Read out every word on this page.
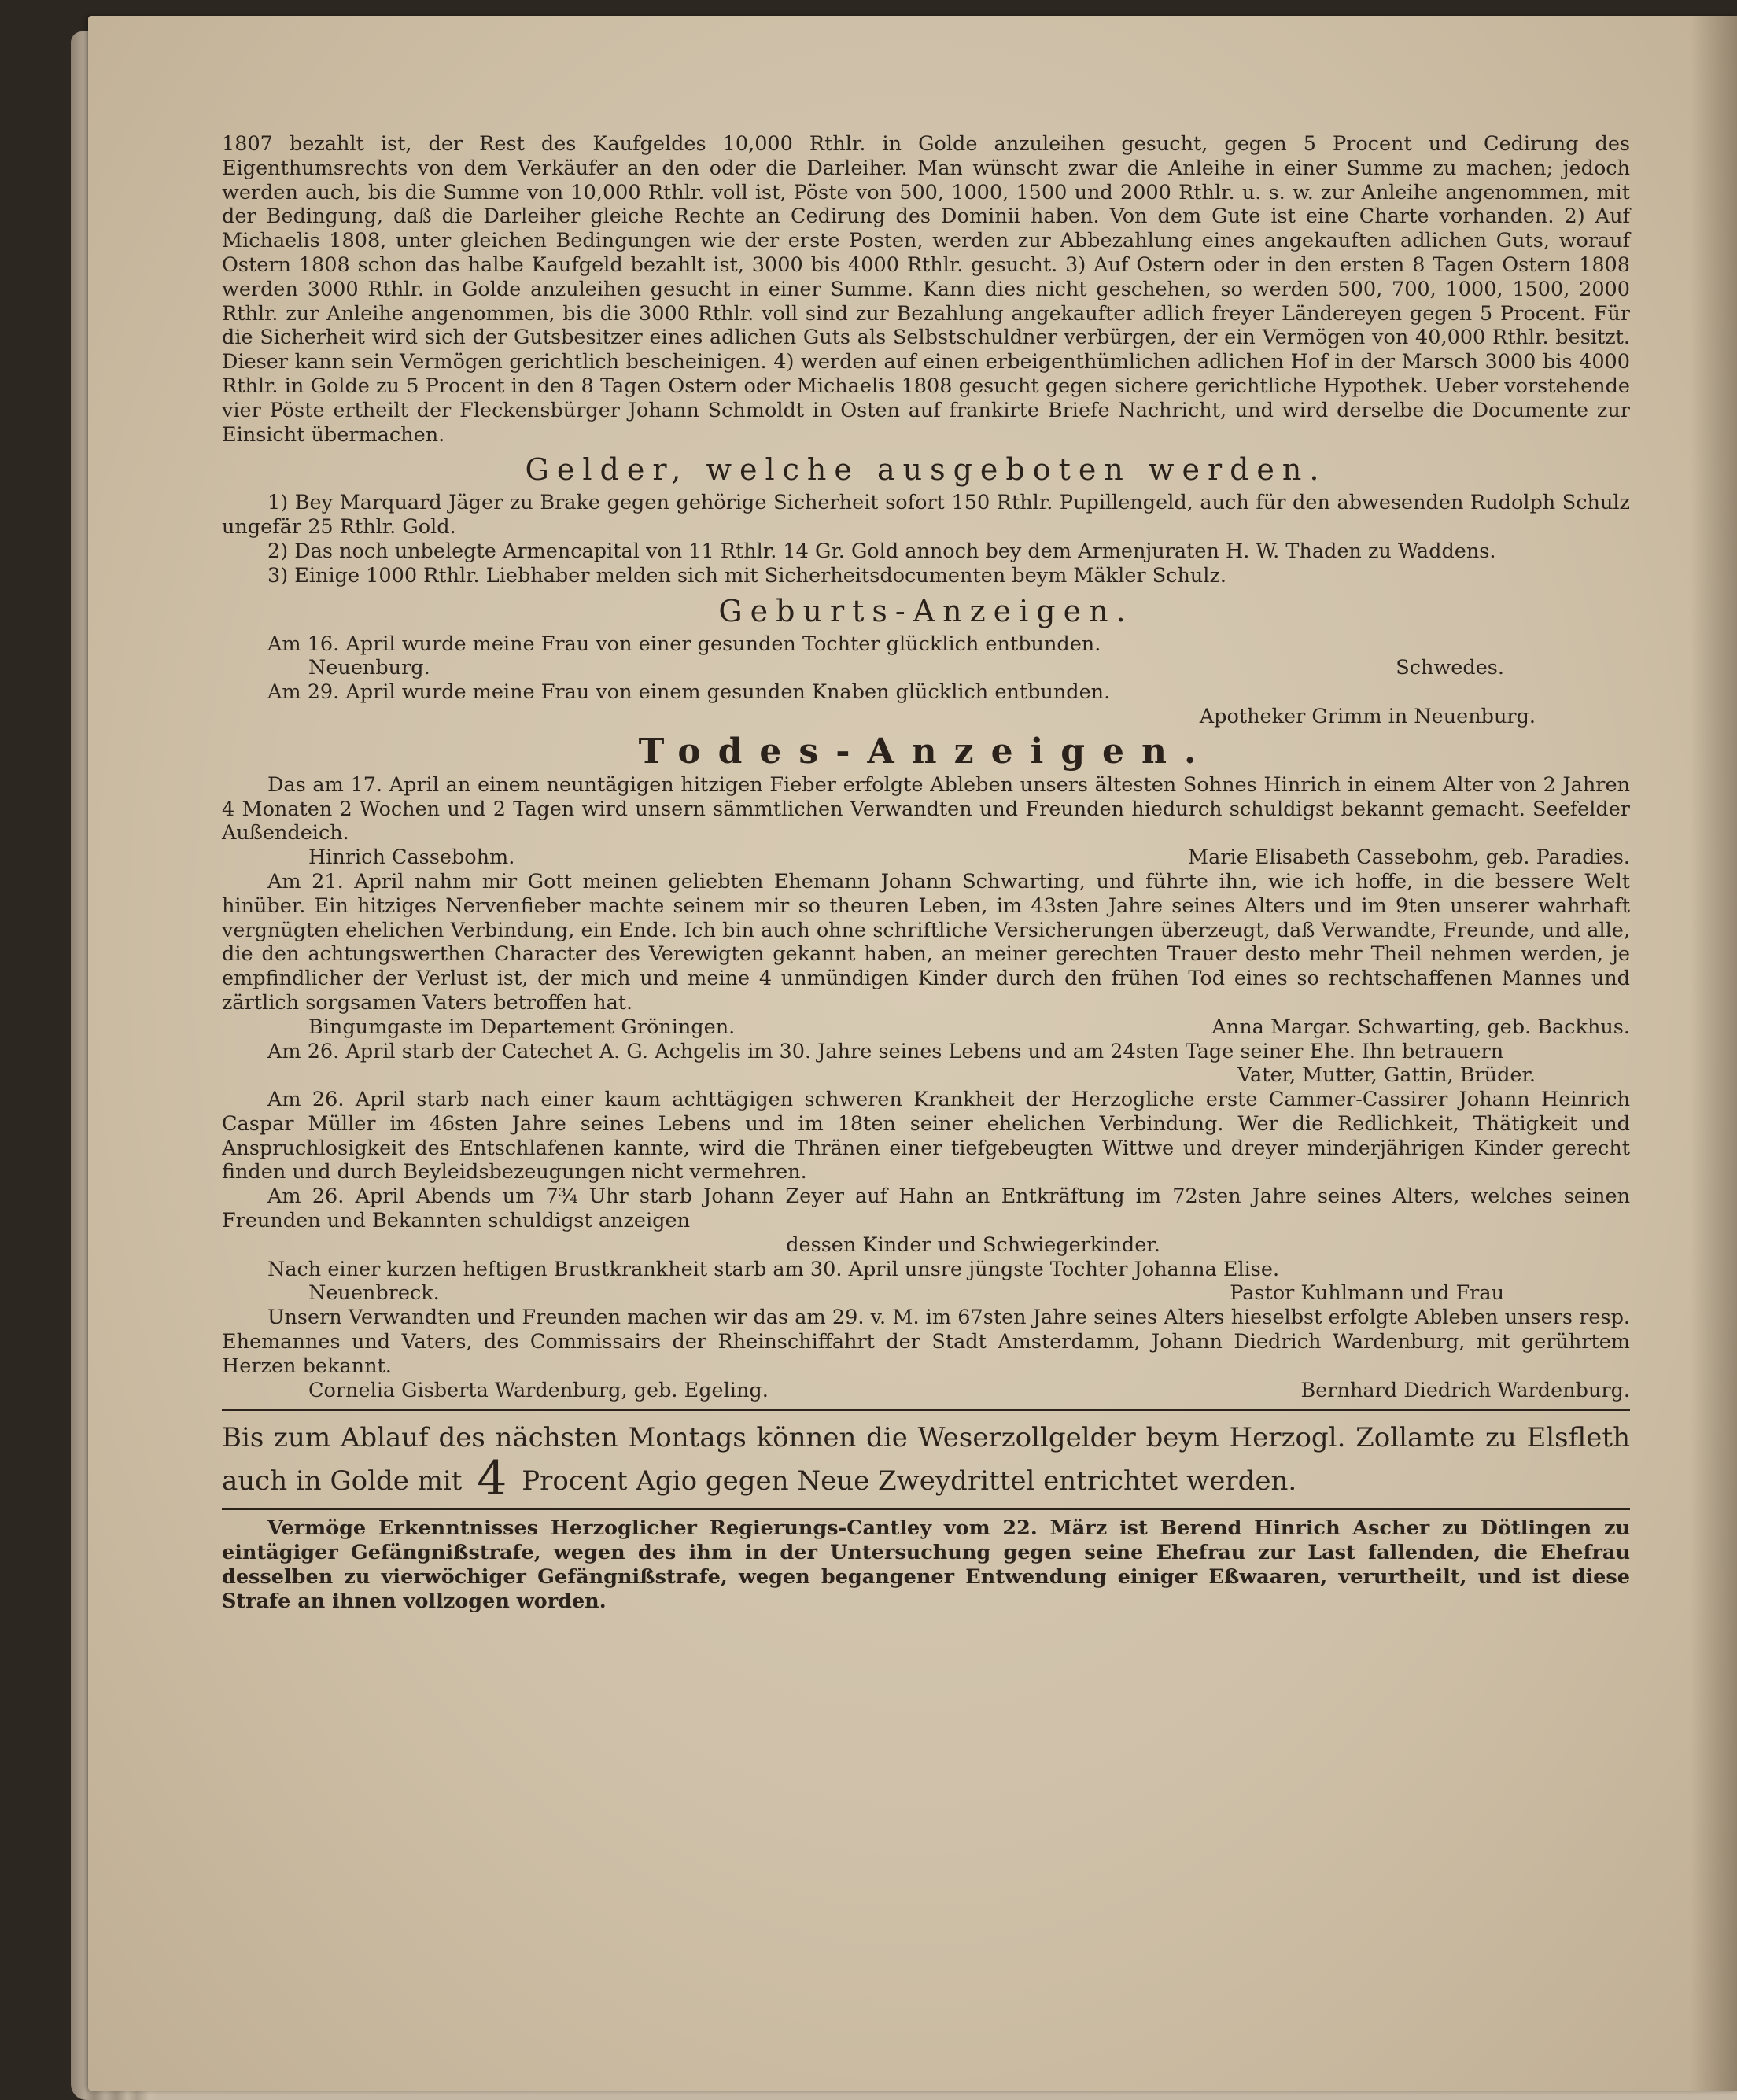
1807 bezahlt ist, der Rest des Kaufgeldes 10,000 Rthlr. in Golde anzuleihen gesucht, gegen 5 Procent und Cedirung des Eigenthumsrechts von dem Verkäufer an den oder die Darleiher. Man wünscht zwar die Anleihe in einer Summe zu machen; jedoch werden auch, bis die Summe von 10,000 Rthlr. voll ist, Pöste von 500, 1000, 1500 und 2000 Rthlr. u. s. w. zur Anleihe angenommen, mit der Bedingung, daß die Darleiher gleiche Rechte an Cedirung des Dominii haben. Von dem Gute ist eine Charte vorhanden. 2) Auf Michaelis 1808, unter gleichen Bedingungen wie der erste Posten, werden zur Abbezahlung eines angekauften adlichen Guts, worauf Ostern 1808 schon das halbe Kaufgeld bezahlt ist, 3000 bis 4000 Rthlr. gesucht. 3) Auf Ostern oder in den ersten 8 Tagen Ostern 1808 werden 3000 Rthlr. in Golde anzuleihen gesucht in einer Summe. Kann dies nicht geschehen, so werden 500, 700, 1000, 1500, 2000 Rthlr. zur Anleihe angenommen, bis die 3000 Rthlr. voll sind zur Bezahlung angekaufter adlich freyer Ländereyen gegen 5 Procent. Für die Sicherheit wird sich der Gutsbesitzer eines adlichen Guts als Selbstschuldner verbürgen, der ein Vermögen von 40,000 Rthlr. besitzt. Dieser kann sein Vermögen gerichtlich bescheinigen. 4) werden auf einen erbeigenthümlichen adlichen Hof in der Marsch 3000 bis 4000 Rthlr. in Golde zu 5 Procent in den 8 Tagen Ostern oder Michaelis 1808 gesucht gegen sichere gerichtliche Hypothek. Ueber vorstehende vier Pöste ertheilt der Fleckensbürger Johann Schmoldt in Osten auf frankirte Briefe Nachricht, und wird derselbe die Documente zur Einsicht übermachen.

Gelder, welche ausgeboten werden.

1) Bey Marquard Jäger zu Brake gegen gehörige Sicherheit sofort 150 Rthlr. Pupillengeld, auch für den abwesenden Rudolph Schulz ungefär 25 Rthlr. Gold.

2) Das noch unbelegte Armencapital von 11 Rthlr. 14 Gr. Gold annoch bey dem Armenjuraten H. W. Thaden zu Waddens.

3) Einige 1000 Rthlr. Liebhaber melden sich mit Sicherheitsdocumenten beym Mäkler Schulz.

Geburts-Anzeigen.

Am 16. April wurde meine Frau von einer gesunden Tochter glücklich entbunden.

Neuenburg.	Schwedes.

Am 29. April wurde meine Frau von einem gesunden Knaben glücklich entbunden.

Apotheker Grimm in Neuenburg.
Todes-Anzeigen.

Das am 17. April an einem neuntägigen hitzigen Fieber erfolgte Ableben unsers ältesten Sohnes Hinrich in einem Alter von 2 Jahren 4 Monaten 2 Wochen und 2 Tagen wird unsern sämmtlichen Verwandten und Freunden hiedurch schuldigst bekannt gemacht. Seefelder Außendeich.

Hinrich Cassebohm.	Marie Elisabeth Cassebohm, geb. Paradies.

Am 21. April nahm mir Gott meinen geliebten Ehemann Johann Schwarting, und führte ihn, wie ich hoffe, in die bessere Welt hinüber. Ein hitziges Nervenfieber machte seinem mir so theuren Leben, im 43sten Jahre seines Alters und im 9ten unserer wahrhaft vergnügten ehelichen Verbindung, ein Ende. Ich bin auch ohne schriftliche Versicherungen überzeugt, daß Verwandte, Freunde, und alle, die den achtungswerthen Character des Verewigten gekannt haben, an meiner gerechten Trauer desto mehr Theil nehmen werden, je empfindlicher der Verlust ist, der mich und meine 4 unmündigen Kinder durch den frühen Tod eines so rechtschaffenen Mannes und zärtlich sorgsamen Vaters betroffen hat.

Bingumgaste im Departement Gröningen.	Anna Margar. Schwarting, geb. Backhus.

Am 26. April starb der Catechet A. G. Achgelis im 30. Jahre seines Lebens und am 24sten Tage seiner Ehe. Ihn betrauern

Vater, Mutter, Gattin, Brüder.

Am 26. April starb nach einer kaum achttägigen schweren Krankheit der Herzogliche erste Cammer-Cassirer Johann Heinrich Caspar Müller im 46sten Jahre seines Lebens und im 18ten seiner ehelichen Verbindung. Wer die Redlichkeit, Thätigkeit und Anspruchlosigkeit des Entschlafenen kannte, wird die Thränen einer tiefgebeugten Wittwe und dreyer minderjährigen Kinder gerecht finden und durch Beyleidsbezeugungen nicht vermehren.

Am 26. April Abends um 7¾ Uhr starb Johann Zeyer auf Hahn an Entkräftung im 72sten Jahre seines Alters, welches seinen Freunden und Bekannten schuldigst anzeigen

dessen Kinder und Schwiegerkinder.

Nach einer kurzen heftigen Brustkrankheit starb am 30. April unsre jüngste Tochter Johanna Elise.

Neuenbreck.	Pastor Kuhlmann und Frau

Unsern Verwandten und Freunden machen wir das am 29. v. M. im 67sten Jahre seines Alters hieselbst erfolgte Ableben unsers resp. Ehemannes und Vaters, des Commissairs der Rheinschiffahrt der Stadt Amsterdamm, Johann Diedrich Wardenburg, mit gerührtem Herzen bekannt.

Cornelia Gisberta Wardenburg, geb. Egeling.	Bernhard Diedrich Wardenburg.

Bis zum Ablauf des nächsten Montags können die Weserzollgelder beym Herzogl. Zollamte zu Elsfleth auch in Golde mit 4 Procent Agio gegen Neue Zweydrittel entrichtet werden.

Vermöge Erkenntnisses Herzoglicher Regierungs-Cantley vom 22. März ist Berend Hinrich Ascher zu Dötlingen zu eintägiger Gefängnißstrafe, wegen des ihm in der Untersuchung gegen seine Ehefrau zur Last fallenden, die Ehefrau desselben zu vierwöchiger Gefängnißstrafe, wegen begangener Entwendung einiger Eßwaaren, verurtheilt, und ist diese Strafe an ihnen vollzogen worden.
